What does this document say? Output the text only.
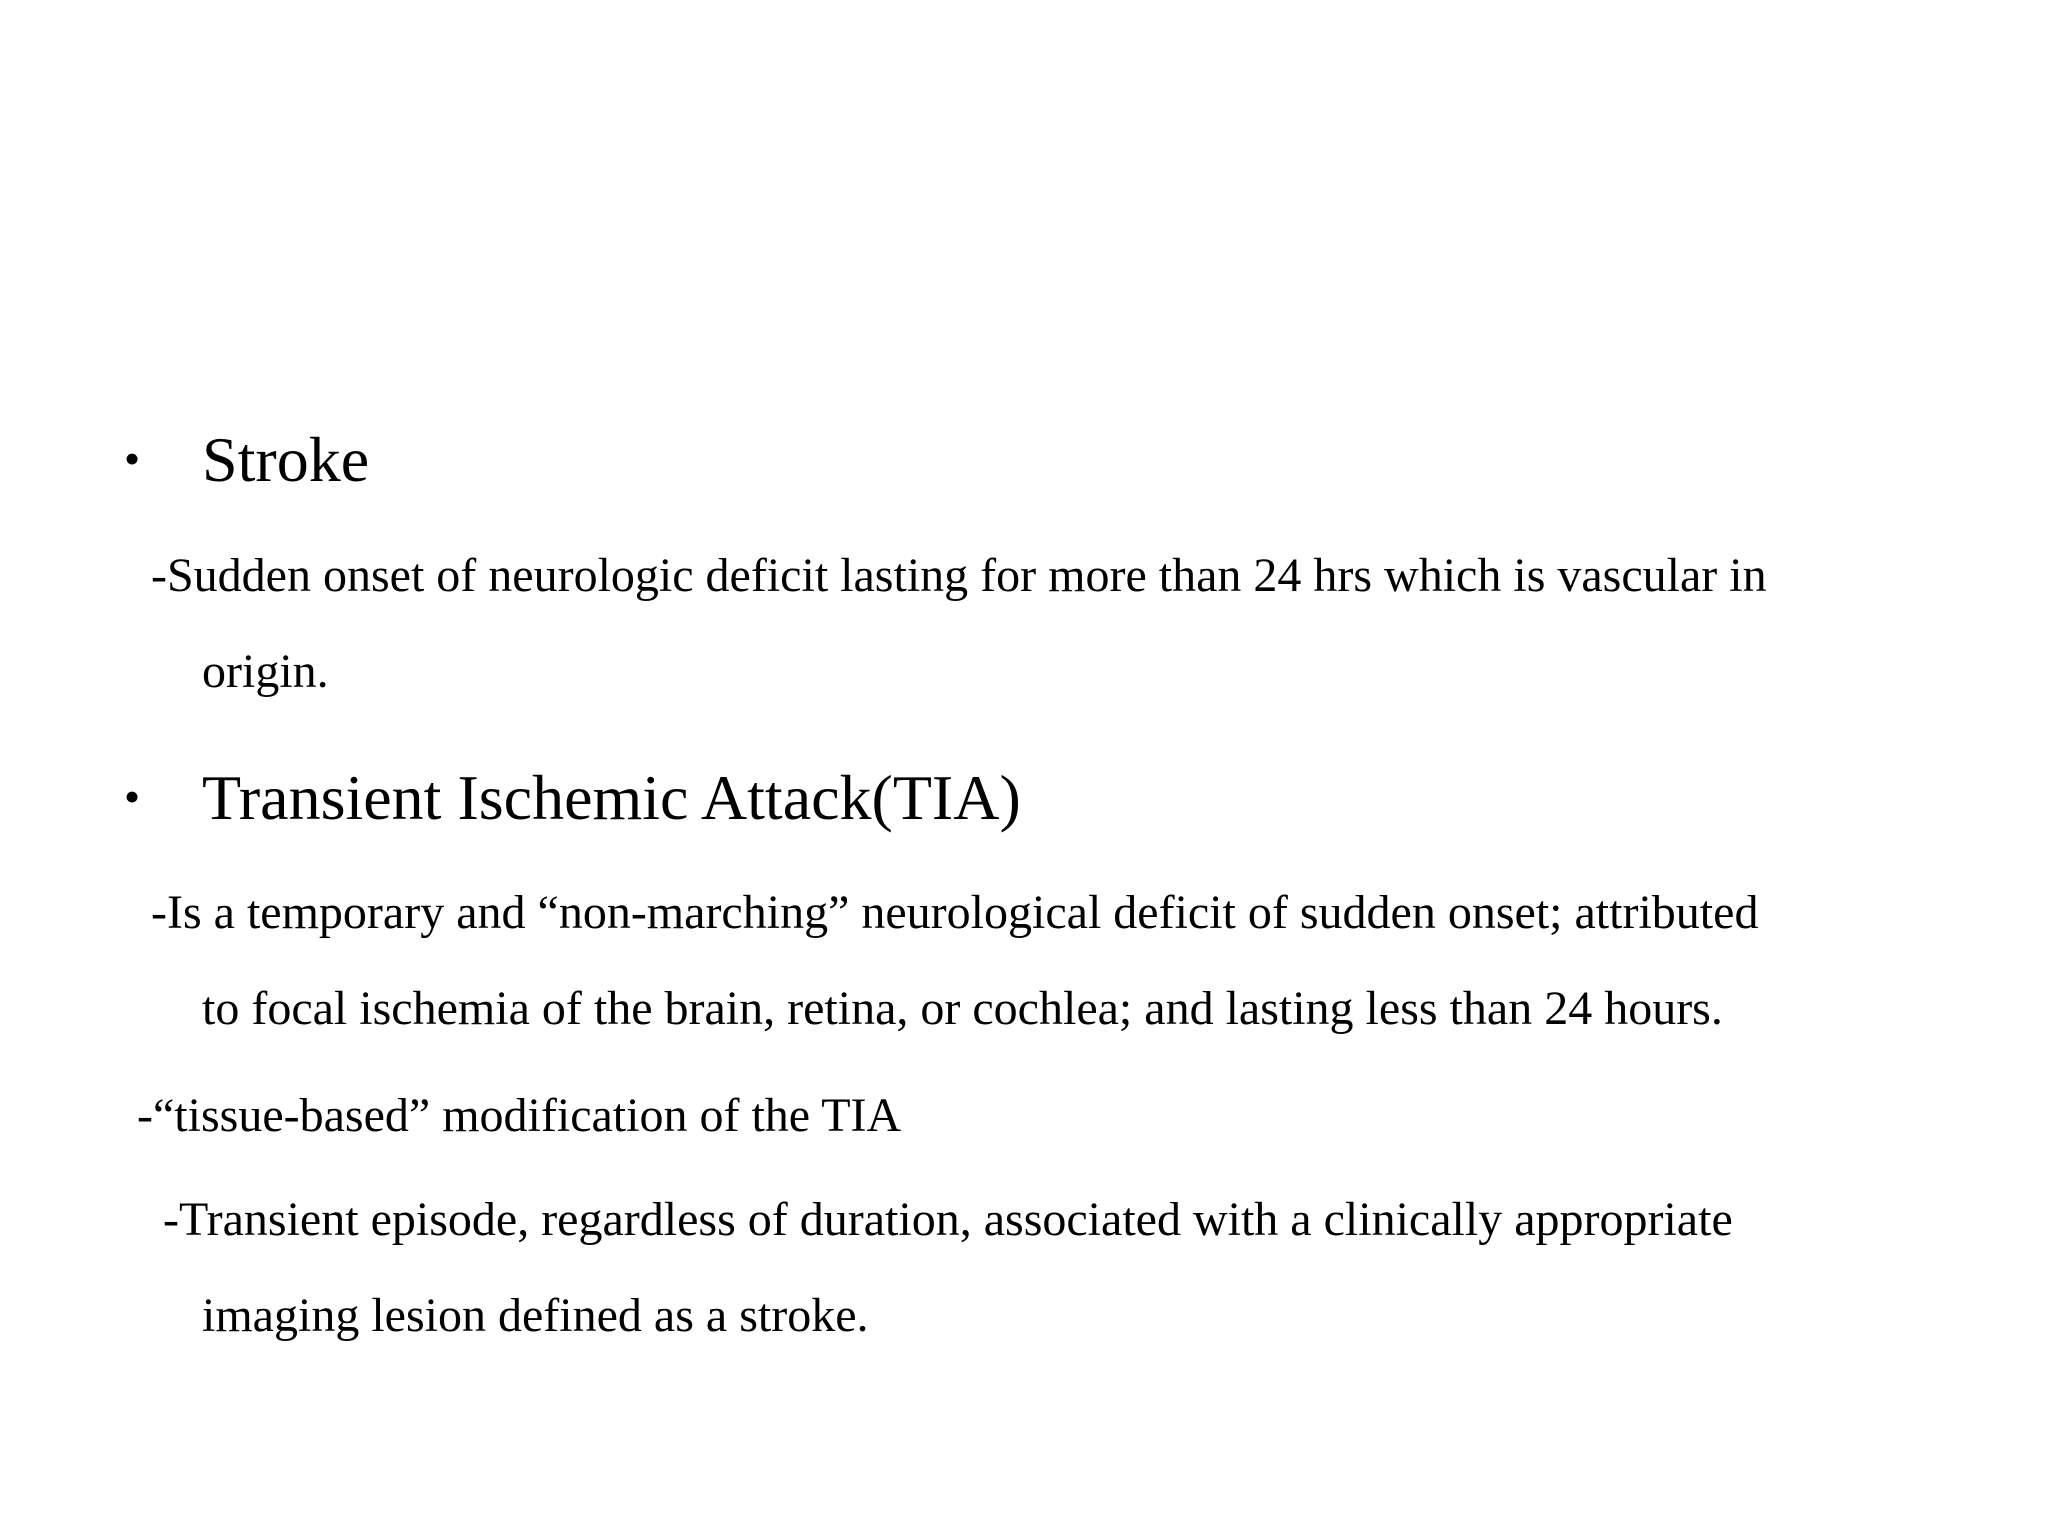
• Stroke
-Sudden onset of neurologic deficit lasting for more than 24 hrs which is vascular in
origin.
• Transient Ischemic Attack(TIA)
-Is a temporary and “non-marching” neurological deficit of sudden onset; attributed
to focal ischemia of the brain, retina, or cochlea; and lasting less than 24 hours.
-“tissue-based” modification of the TIA
-Transient episode, regardless of duration, associated with a clinically appropriate
imaging lesion defined as a stroke.
